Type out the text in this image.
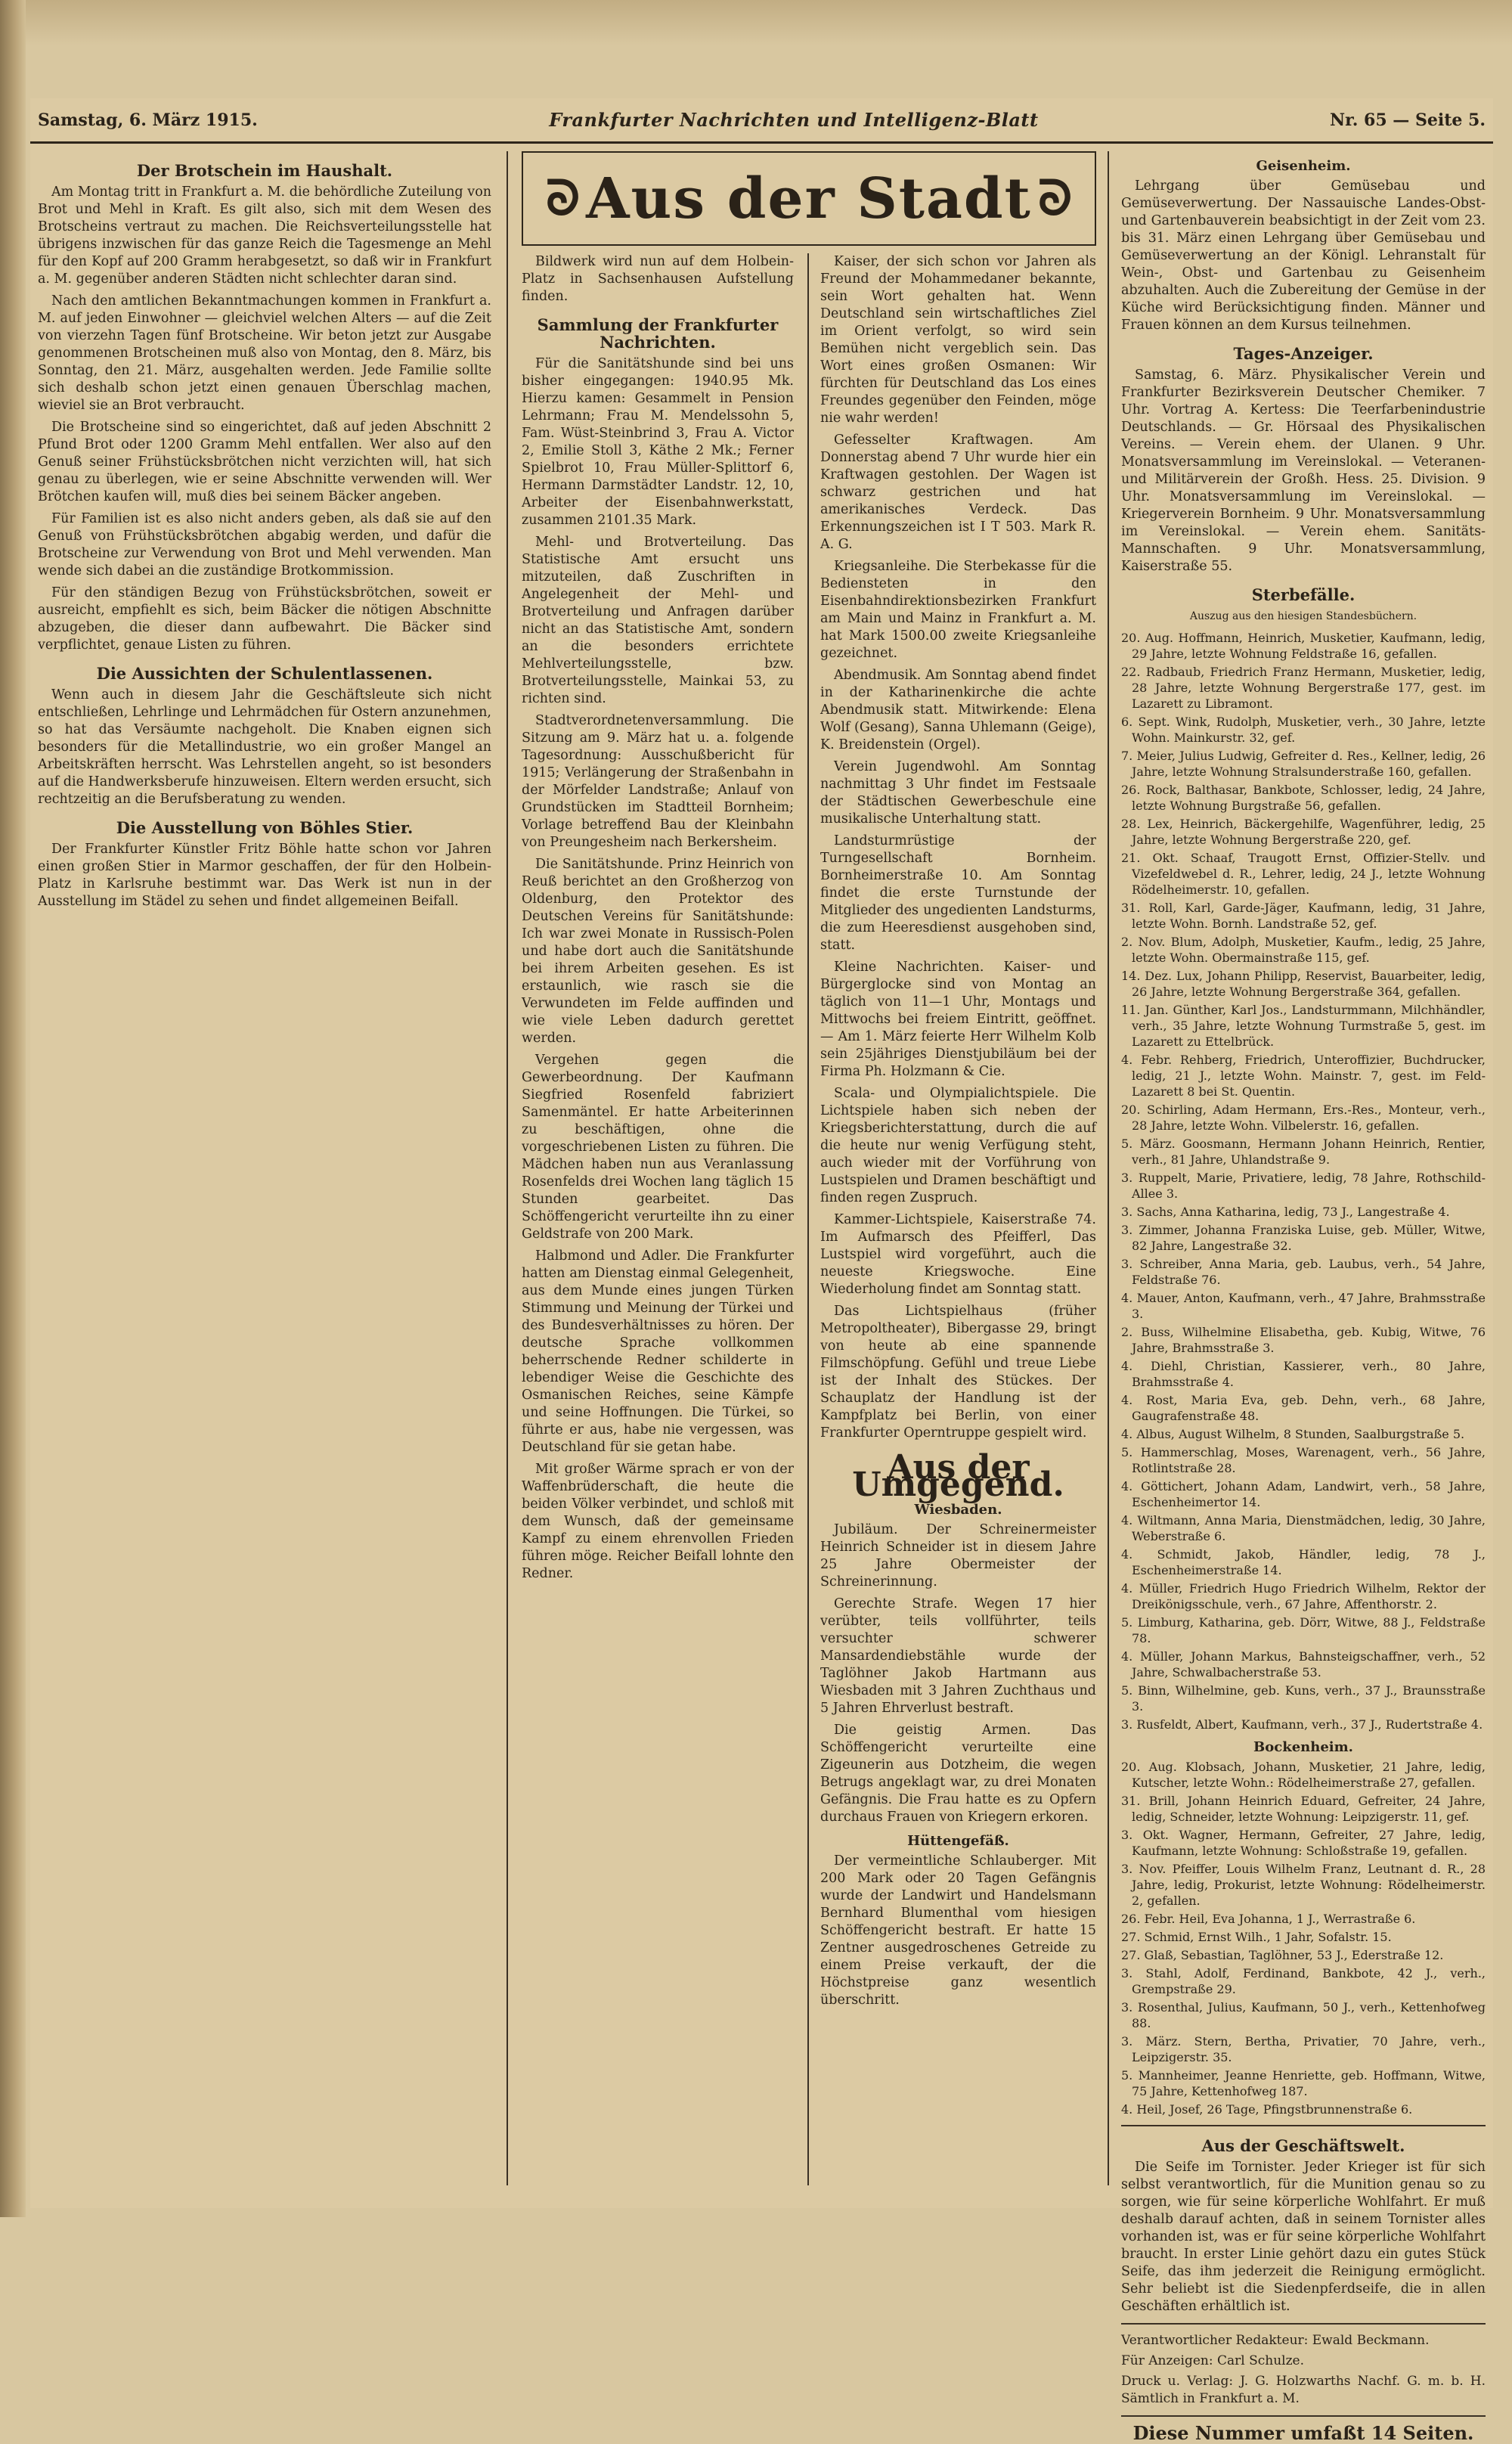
Samstag, 6. März 1915.	Frankfurter Nachrichten und Intelligenz-Blatt	Nr. 65 — Seite 5.
ᘐ Aus der Stadt ᘐ
Der Brotschein im Haushalt.

Am Montag tritt in Frankfurt a. M. die behördliche Zuteilung von Brot und Mehl in Kraft. Es gilt also, sich mit dem Wesen des Brotscheins vertraut zu machen. Die Reichsverteilungsstelle hat übrigens inzwischen für das ganze Reich die Tagesmenge an Mehl für den Kopf auf 200 Gramm herabgesetzt, so daß wir in Frankfurt a. M. gegenüber anderen Städten nicht schlechter daran sind.

Nach den amtlichen Bekanntmachungen kommen in Frankfurt a. M. auf jeden Einwohner — gleichviel welchen Alters — auf die Zeit von vierzehn Tagen fünf Brotscheine. Wir beton jetzt zur Ausgabe genommenen Brotscheinen muß also von Montag, den 8. März, bis Sonntag, den 21. März, ausgehalten werden. Jede Familie sollte sich deshalb schon jetzt einen genauen Überschlag machen, wieviel sie an Brot verbraucht.

Die Brotscheine sind so eingerichtet, daß auf jeden Abschnitt 2 Pfund Brot oder 1200 Gramm Mehl entfallen. Wer also auf den Genuß seiner Frühstücksbrötchen nicht verzichten will, hat sich genau zu überlegen, wie er seine Abschnitte verwenden will. Wer Brötchen kaufen will, muß dies bei seinem Bäcker angeben.

Für Familien ist es also nicht anders geben, als daß sie auf den Genuß von Frühstücksbrötchen abgabig werden, und dafür die Brotscheine zur Verwendung von Brot und Mehl verwenden. Man wende sich dabei an die zuständige Brotkommission.

Für den ständigen Bezug von Frühstücksbrötchen, soweit er ausreicht, empfiehlt es sich, beim Bäcker die nötigen Abschnitte abzugeben, die dieser dann aufbewahrt. Die Bäcker sind verpflichtet, genaue Listen zu führen.

Die Aussichten der Schulentlassenen.

Wenn auch in diesem Jahr die Geschäftsleute sich nicht entschließen, Lehrlinge und Lehrmädchen für Ostern anzunehmen, so hat das Versäumte nachgeholt. Die Knaben eignen sich besonders für die Metallindustrie, wo ein großer Mangel an Arbeitskräften herrscht. Was Lehrstellen angeht, so ist besonders auf die Handwerksberufe hinzuweisen. Eltern werden ersucht, sich rechtzeitig an die Berufsberatung zu wenden.

Die Ausstellung von Böhles Stier.

Der Frankfurter Künstler Fritz Böhle hatte schon vor Jahren einen großen Stier in Marmor geschaffen, der für den Holbein-Platz in Karlsruhe bestimmt war. Das Werk ist nun in der Ausstellung im Städel zu sehen und findet allgemeinen Beifall.

Bildwerk wird nun auf dem Holbein-Platz in Sachsenhausen Aufstellung finden.

Sammlung der Frankfurter Nachrichten.

Für die Sanitätshunde sind bei uns bisher eingegangen: 1940.95 Mk. Hierzu kamen: Gesammelt in Pension Lehrmann; Frau M. Mendelssohn 5, Fam. Wüst-Steinbrind 3, Frau A. Victor 2, Emilie Stoll 3, Käthe 2 Mk.; Ferner Spielbrot 10, Frau Müller-Splittorf 6, Hermann Darmstädter Landstr. 12, 10, Arbeiter der Eisenbahnwerkstatt, zusammen 2101.35 Mark.

Mehl- und Brotverteilung. Das Statistische Amt ersucht uns mitzuteilen, daß Zuschriften in Angelegenheit der Mehl- und Brotverteilung und Anfragen darüber nicht an das Statistische Amt, sondern an die besonders errichtete Mehlverteilungsstelle, bzw. Brotverteilungsstelle, Mainkai 53, zu richten sind.

Stadtverordnetenversammlung. Die Sitzung am 9. März hat u. a. folgende Tagesordnung: Ausschußbericht für 1915; Verlängerung der Straßenbahn in der Mörfelder Landstraße; Anlauf von Grundstücken im Stadtteil Bornheim; Vorlage betreffend Bau der Kleinbahn von Preungesheim nach Berkersheim.

Die Sanitätshunde. Prinz Heinrich von Reuß berichtet an den Großherzog von Oldenburg, den Protektor des Deutschen Vereins für Sanitätshunde: Ich war zwei Monate in Russisch-Polen und habe dort auch die Sanitätshunde bei ihrem Arbeiten gesehen. Es ist erstaunlich, wie rasch sie die Verwundeten im Felde auffinden und wie viele Leben dadurch gerettet werden.

Vergehen gegen die Gewerbeordnung. Der Kaufmann Siegfried Rosenfeld fabriziert Samenmäntel. Er hatte Arbeiterinnen zu beschäftigen, ohne die vorgeschriebenen Listen zu führen. Die Mädchen haben nun aus Veranlassung Rosenfelds drei Wochen lang täglich 15 Stunden gearbeitet. Das Schöffengericht verurteilte ihn zu einer Geldstrafe von 200 Mark.

Halbmond und Adler. Die Frankfurter hatten am Dienstag einmal Gelegenheit, aus dem Munde eines jungen Türken Stimmung und Meinung der Türkei und des Bundesverhältnisses zu hören. Der deutsche Sprache vollkommen beherrschende Redner schilderte in lebendiger Weise die Geschichte des Osmanischen Reiches, seine Kämpfe und seine Hoffnungen. Die Türkei, so führte er aus, habe nie vergessen, was Deutschland für sie getan habe.

Mit großer Wärme sprach er von der Waffenbrüderschaft, die heute die beiden Völker verbindet, und schloß mit dem Wunsch, daß der gemeinsame Kampf zu einem ehrenvollen Frieden führen möge. Reicher Beifall lohnte den Redner.

Kaiser, der sich schon vor Jahren als Freund der Mohammedaner bekannte, sein Wort gehalten hat. Wenn Deutschland sein wirtschaftliches Ziel im Orient verfolgt, so wird sein Bemühen nicht vergeblich sein. Das Wort eines großen Osmanen: Wir fürchten für Deutschland das Los eines Freundes gegenüber den Feinden, möge nie wahr werden!

Gefesselter Kraftwagen. Am Donnerstag abend 7 Uhr wurde hier ein Kraftwagen gestohlen. Der Wagen ist schwarz gestrichen und hat amerikanisches Verdeck. Das Erkennungszeichen ist I T 503. Mark R. A. G.

Kriegsanleihe. Die Sterbekasse für die Bediensteten in den Eisenbahndirektionsbezirken Frankfurt am Main und Mainz in Frankfurt a. M. hat Mark 1500.00 zweite Kriegsanleihe gezeichnet.

Abendmusik. Am Sonntag abend findet in der Katharinenkirche die achte Abendmusik statt. Mitwirkende: Elena Wolf (Gesang), Sanna Uhlemann (Geige), K. Breidenstein (Orgel).

Verein Jugendwohl. Am Sonntag nachmittag 3 Uhr findet im Festsaale der Städtischen Gewerbeschule eine musikalische Unterhaltung statt.

Landsturmrüstige der Turngesellschaft Bornheim. Bornheimerstraße 10. Am Sonntag findet die erste Turnstunde der Mitglieder des ungedienten Landsturms, die zum Heeresdienst ausgehoben sind, statt.

Kleine Nachrichten. Kaiser- und Bürgerglocke sind von Montag an täglich von 11—1 Uhr, Montags und Mittwochs bei freiem Eintritt, geöffnet. — Am 1. März feierte Herr Wilhelm Kolb sein 25jähriges Dienstjubiläum bei der Firma Ph. Holzmann & Cie.

Scala- und Olympialichtspiele. Die Lichtspiele haben sich neben der Kriegsberichterstattung, durch die auf die heute nur wenig Verfügung steht, auch wieder mit der Vorführung von Lustspielen und Dramen beschäftigt und finden regen Zuspruch.

Kammer-Lichtspiele, Kaiserstraße 74. Im Aufmarsch des Pfeifferl, Das Lustspiel wird vorgeführt, auch die neueste Kriegswoche. Eine Wiederholung findet am Sonntag statt.

Das Lichtspielhaus (früher Metropoltheater), Bibergasse 29, bringt von heute ab eine spannende Filmschöpfung. Gefühl und treue Liebe ist der Inhalt des Stückes. Der Schauplatz der Handlung ist der Kampfplatz bei Berlin, von einer Frankfurter Operntruppe gespielt wird.

Aus der Umgegend.
Wiesbaden.

Jubiläum. Der Schreinermeister Heinrich Schneider ist in diesem Jahre 25 Jahre Obermeister der Schreinerinnung.

Gerechte Strafe. Wegen 17 hier verübter, teils vollführter, teils versuchter schwerer Mansardendiebstähle wurde der Taglöhner Jakob Hartmann aus Wiesbaden mit 3 Jahren Zuchthaus und 5 Jahren Ehrverlust bestraft.

Die geistig Armen. Das Schöffengericht verurteilte eine Zigeunerin aus Dotzheim, die wegen Betrugs angeklagt war, zu drei Monaten Gefängnis. Die Frau hatte es zu Opfern durchaus Frauen von Kriegern erkoren.

Hüttengefäß.

Der vermeintliche Schlauberger. Mit 200 Mark oder 20 Tagen Gefängnis wurde der Landwirt und Handelsmann Bernhard Blumenthal vom hiesigen Schöffengericht bestraft. Er hatte 15 Zentner ausgedroschenes Getreide zu einem Preise verkauft, der die Höchstpreise ganz wesentlich überschritt.

Geisenheim.

Lehrgang über Gemüsebau und Gemüseverwertung. Der Nassauische Landes-Obst- und Gartenbauverein beabsichtigt in der Zeit vom 23. bis 31. März einen Lehrgang über Gemüsebau und Gemüseverwertung an der Königl. Lehranstalt für Wein-, Obst- und Gartenbau zu Geisenheim abzuhalten. Auch die Zubereitung der Gemüse in der Küche wird Berücksichtigung finden. Männer und Frauen können an dem Kursus teilnehmen.

Tages-Anzeiger.

Samstag, 6. März. Physikalischer Verein und Frankfurter Bezirksverein Deutscher Chemiker. 7 Uhr. Vortrag A. Kertess: Die Teerfarbenindustrie Deutschlands. — Gr. Hörsaal des Physikalischen Vereins. — Verein ehem. der Ulanen. 9 Uhr. Monatsversammlung im Vereinslokal. — Veteranen- und Militärverein der Großh. Hess. 25. Division. 9 Uhr. Monatsversammlung im Vereinslokal. — Kriegerverein Bornheim. 9 Uhr. Monatsversammlung im Vereinslokal. — Verein ehem. Sanitäts-Mannschaften. 9 Uhr. Monatsversammlung, Kaiserstraße 55.

Sterbefälle.
Auszug aus den hiesigen Standesbüchern.
20. Aug. Hoffmann, Heinrich, Musketier, Kaufmann, ledig, 29 Jahre, letzte Wohnung Feldstraße 16, gefallen.
22. Radbaub, Friedrich Franz Hermann, Musketier, ledig, 28 Jahre, letzte Wohnung Bergerstraße 177, gest. im Lazarett zu Libramont.
6. Sept. Wink, Rudolph, Musketier, verh., 30 Jahre, letzte Wohn. Mainkurstr. 32, gef.
7. Meier, Julius Ludwig, Gefreiter d. Res., Kellner, ledig, 26 Jahre, letzte Wohnung Stralsunderstraße 160, gefallen.
26. Rock, Balthasar, Bankbote, Schlosser, ledig, 24 Jahre, letzte Wohnung Burgstraße 56, gefallen.
28. Lex, Heinrich, Bäckergehilfe, Wagenführer, ledig, 25 Jahre, letzte Wohnung Bergerstraße 220, gef.
21. Okt. Schaaf, Traugott Ernst, Offizier-Stellv. und Vizefeldwebel d. R., Lehrer, ledig, 24 J., letzte Wohnung Rödelheimerstr. 10, gefallen.
31. Roll, Karl, Garde-Jäger, Kaufmann, ledig, 31 Jahre, letzte Wohn. Bornh. Landstraße 52, gef.
2. Nov. Blum, Adolph, Musketier, Kaufm., ledig, 25 Jahre, letzte Wohn. Obermainstraße 115, gef.
14. Dez. Lux, Johann Philipp, Reservist, Bauarbeiter, ledig, 26 Jahre, letzte Wohnung Bergerstraße 364, gefallen.
11. Jan. Günther, Karl Jos., Landsturmmann, Milchhändler, verh., 35 Jahre, letzte Wohnung Turmstraße 5, gest. im Lazarett zu Ettelbrück.
4. Febr. Rehberg, Friedrich, Unteroffizier, Buchdrucker, ledig, 21 J., letzte Wohn. Mainstr. 7, gest. im Feld-Lazarett 8 bei St. Quentin.
20. Schirling, Adam Hermann, Ers.-Res., Monteur, verh., 28 Jahre, letzte Wohn. Vilbelerstr. 16, gefallen.
5. März. Goosmann, Hermann Johann Heinrich, Rentier, verh., 81 Jahre, Uhlandstraße 9.
3. Ruppelt, Marie, Privatiere, ledig, 78 Jahre, Rothschild-Allee 3.
3. Sachs, Anna Katharina, ledig, 73 J., Langestraße 4.
3. Zimmer, Johanna Franziska Luise, geb. Müller, Witwe, 82 Jahre, Langestraße 32.
3. Schreiber, Anna Maria, geb. Laubus, verh., 54 Jahre, Feldstraße 76.
4. Mauer, Anton, Kaufmann, verh., 47 Jahre, Brahmsstraße 3.
2. Buss, Wilhelmine Elisabetha, geb. Kubig, Witwe, 76 Jahre, Brahmsstraße 3.
4. Diehl, Christian, Kassierer, verh., 80 Jahre, Brahmsstraße 4.
4. Rost, Maria Eva, geb. Dehn, verh., 68 Jahre, Gaugrafenstraße 48.
4. Albus, August Wilhelm, 8 Stunden, Saalburgstraße 5.
5. Hammerschlag, Moses, Warenagent, verh., 56 Jahre, Rotlintstraße 28.
4. Göttichert, Johann Adam, Landwirt, verh., 58 Jahre, Eschenheimertor 14.
4. Wiltmann, Anna Maria, Dienstmädchen, ledig, 30 Jahre, Weberstraße 6.
4. Schmidt, Jakob, Händler, ledig, 78 J., Eschenheimerstraße 14.
4. Müller, Friedrich Hugo Friedrich Wilhelm, Rektor der Dreikönigsschule, verh., 67 Jahre, Affenthorstr. 2.
5. Limburg, Katharina, geb. Dörr, Witwe, 88 J., Feldstraße 78.
4. Müller, Johann Markus, Bahnsteigschaffner, verh., 52 Jahre, Schwalbacherstraße 53.
5. Binn, Wilhelmine, geb. Kuns, verh., 37 J., Braunsstraße 3.
3. Rusfeldt, Albert, Kaufmann, verh., 37 J., Rudertstraße 4.
Bockenheim.
20. Aug. Klobsach, Johann, Musketier, 21 Jahre, ledig, Kutscher, letzte Wohn.: Rödelheimerstraße 27, gefallen.
31. Brill, Johann Heinrich Eduard, Gefreiter, 24 Jahre, ledig, Schneider, letzte Wohnung: Leipzigerstr. 11, gef.
3. Okt. Wagner, Hermann, Gefreiter, 27 Jahre, ledig, Kaufmann, letzte Wohnung: Schloßstraße 19, gefallen.
3. Nov. Pfeiffer, Louis Wilhelm Franz, Leutnant d. R., 28 Jahre, ledig, Prokurist, letzte Wohnung: Rödelheimerstr. 2, gefallen.
26. Febr. Heil, Eva Johanna, 1 J., Werrastraße 6.
27. Schmid, Ernst Wilh., 1 Jahr, Sofalstr. 15.
27. Glaß, Sebastian, Taglöhner, 53 J., Ederstraße 12.
3. Stahl, Adolf, Ferdinand, Bankbote, 42 J., verh., Grempstraße 29.
3. Rosenthal, Julius, Kaufmann, 50 J., verh., Kettenhofweg 88.
3. März. Stern, Bertha, Privatier, 70 Jahre, verh., Leipzigerstr. 35.
5. Mannheimer, Jeanne Henriette, geb. Hoffmann, Witwe, 75 Jahre, Kettenhofweg 187.
4. Heil, Josef, 26 Tage, Pfingstbrunnenstraße 6.
Aus der Geschäftswelt.

Die Seife im Tornister. Jeder Krieger ist für sich selbst verantwortlich, für die Munition genau so zu sorgen, wie für seine körperliche Wohlfahrt. Er muß deshalb darauf achten, daß in seinem Tornister alles vorhanden ist, was er für seine körperliche Wohlfahrt braucht. In erster Linie gehört dazu ein gutes Stück Seife, das ihm jederzeit die Reinigung ermöglicht. Sehr beliebt ist die Siedenpferdseife, die in allen Geschäften erhältlich ist.

Verantwortlicher Redakteur: Ewald Beckmann.
Für Anzeigen: Carl Schulze.
Druck u. Verlag: J. G. Holzwarths Nachf. G. m. b. H. Sämtlich in Frankfurt a. M.
Diese Nummer umfaßt 14 Seiten.
